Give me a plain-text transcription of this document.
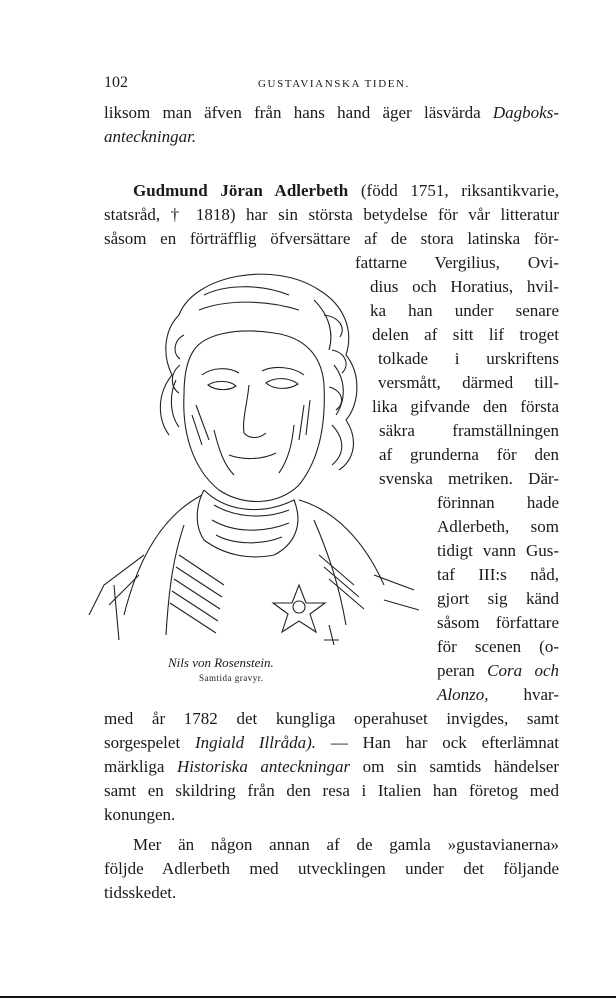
102	GUSTAVIANSKA TIDEN.
liksom man äfven från hans hand äger läsvärda Dagboks-
anteckningar.
Gudmund Jöran Adlerbeth (född 1751, riksantikvarie,
statsråd, † 1818) har sin största betydelse för vår litteratur
såsom en förträfflig öfversättare af de stora latinska för-
fattarne Vergilius, Ovi-
dius och Horatius, hvil-
ka han under senare
delen af sitt lif troget
tolkade i urskriftens
versmått, därmed till-
lika gifvande den första
säkra framställningen
af grunderna för den
svenska metriken. Där-
förinnan hade
Adlerbeth, som
tidigt vann Gus-
taf III:s nåd,
gjort sig känd
såsom författare
för scenen (o-
peran Cora och
Alonzo, hvar-
med år 1782 det kungliga operahuset invigdes, samt
sorgespelet Ingiald Illråda). — Han har ock efterlämnat
märkliga Historiska anteckningar om sin samtids händelser
samt en skildring från den resa i Italien han företog med
konungen.
Mer än någon annan af de gamla »gustavianerna»
följde Adlerbeth med utvecklingen under det följande
tidsskedet.
Nils von Rosenstein.
Samtida gravyr.
